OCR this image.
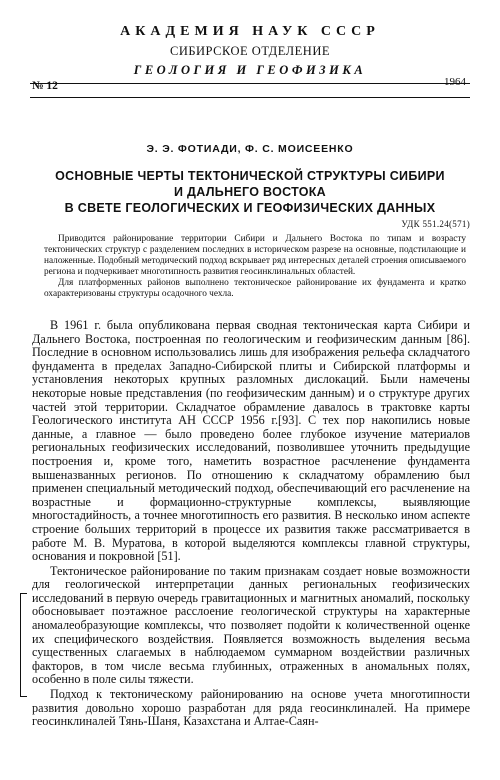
АКАДЕМИЯ НАУК СССР
СИБИРСКОЕ ОТДЕЛЕНИЕ
ГЕОЛОГИЯ И ГЕОФИЗИКА
№ 12	1964
Э. Э. ФОТИАДИ, Ф. С. МОИСЕЕНКО
ОСНОВНЫЕ ЧЕРТЫ ТЕКТОНИЧЕСКОЙ СТРУКТУРЫ СИБИРИ
И ДАЛЬНЕГО ВОСТОКА
В СВЕТЕ ГЕОЛОГИЧЕСКИХ И ГЕОФИЗИЧЕСКИХ ДАННЫХ
УДК 551.24(571)

Приводится районирование территории Сибири и Дальнего Востока по типам и возрасту тектонических структур с разделением последних в историческом разрезе на основные, подстилающие и наложенные. Подобный методический подход вскрывает ряд интересных деталей строения описываемого региона и подчеркивает многотипность развития геосинклинальных областей.

Для платформенных районов выполнено тектоническое районирование их фундамента и кратко охарактеризованы структуры осадочного чехла.

В 1961 г. была опубликована первая сводная тектоническая карта Сибири и Дальнего Востока, построенная по геологическим и геофизическим данным [86]. Последние в основном использовались лишь для изображения рельефа складчатого фундамента в пределах Западно-Сибирской плиты и Сибирской платформы и установления некоторых крупных разломных дислокаций. Были намечены некоторые новые представления (по геофизическим данным) и о структуре других частей этой территории. Складчатое обрамление давалось в трактовке карты Геологического института АН СССР 1956 г.[93]. С тех пор накопились новые данные, а главное — было проведено более глубокое изучение материалов региональных геофизических исследований, позволившее уточнить предыдущие построения и, кроме того, наметить возрастное расчленение фундамента вышеназванных регионов. По отношению к складчатому обрамлению был применен специальный методический подход, обеспечивающий его расчленение на возрастные и формационно-структурные комплексы, выявляющие многостадийность, а точнее многотипность его развития. В несколько ином аспекте строение больших территорий в процессе их развития также рассматривается в работе М. В. Муратова, в которой выделяются комплексы главной структуры, основания и покровной [51].

Тектоническое районирование по таким признакам создает новые возможности для геологической интерпретации данных региональных геофизических исследований в первую очередь гравитационных и магнитных аномалий, поскольку обосновывает поэтажное расслоение геологической структуры на характерные аномалеобразующие комплексы, что позволяет подойти к количественной оценке их специфического воздействия. Появляется возможность выделения весьма существенных слагаемых в наблюдаемом суммарном воздействии различных факторов, в том числе весьма глубинных, отраженных в аномальных полях, особенно в поле силы тяжести.

Подход к тектоническому районированию на основе учета многотипности развития довольно хорошо разработан для ряда геосинклиналей. На примере геосинклиналей Тянь-Шаня, Казахстана и Алтае-Саян-
